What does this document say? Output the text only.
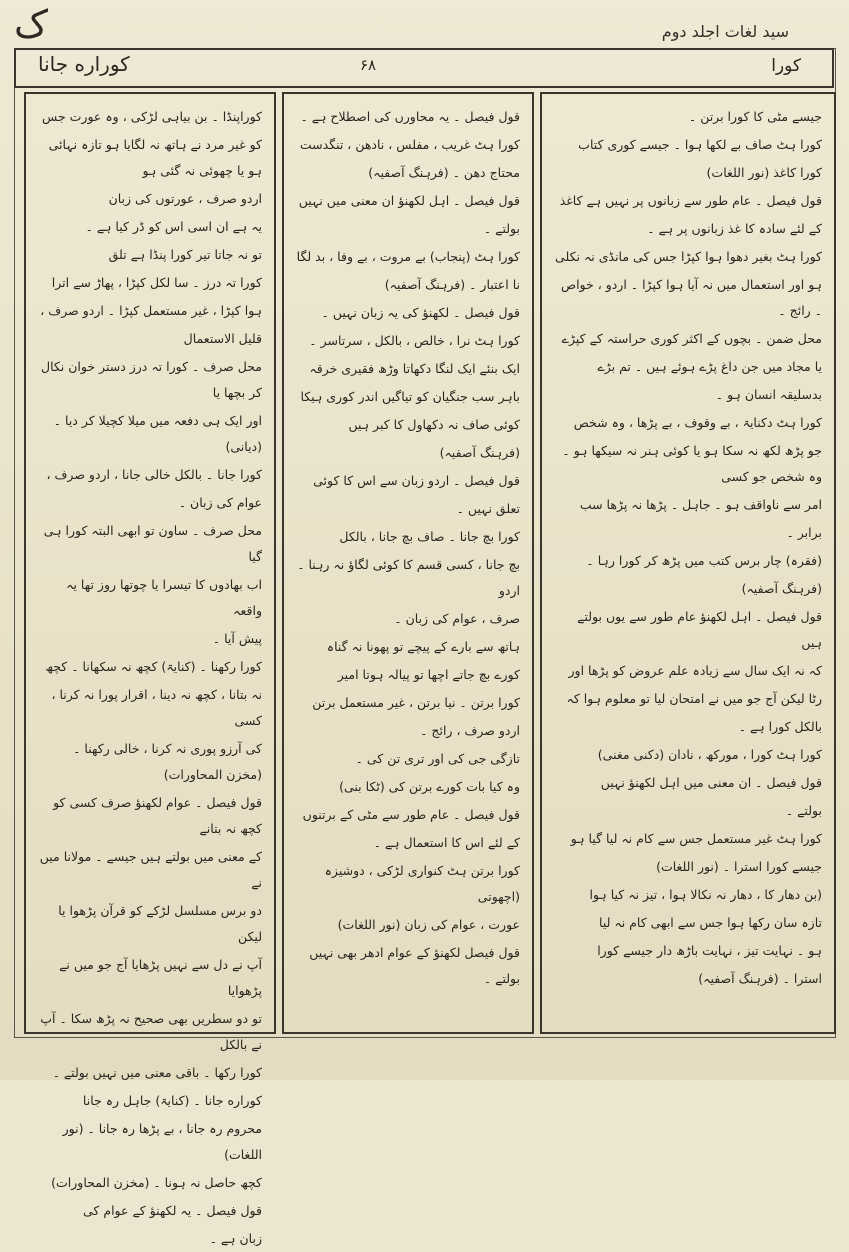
ک	سید لغات اجلد دوم
کوراره جانا	۶۸	کورا

جیسے مٹی کا کورا برتن ۔

کورا ہٹ صاف بے لکھا ہوا ۔ جیسے کوری کتاب

کورا کاغذ (نور اللغات)

قول فیصل ۔ عام طور سے زبانوں پر نہیں ہے کاغذ

کے لئے سادہ کا غذ زبانوں پر ہے ۔

کورا ہٹ بغیر دھوا ہوا کپڑا جس کی مانڈی نہ نکلی

ہو اور استعمال میں نہ آیا ہوا کپڑا ۔ اردو ، خواص ۔ رائج ۔

محل ضمن ۔ بچوں کے اکثر کوری حراستہ کے کپڑے

یا مجاد میں جن داغ پڑے ہوئے ہیں ۔ تم بڑے

بدسلیقہ انسان ہو ۔

کورا ہٹ دکنایۃ ، بے وقوف ، بے پڑھا ، وہ شخص

جو پڑھ لکھ نہ سکا ہو یا کوئی ہنر نہ سیکھا ہو ۔ وہ شخص جو کسی

امر سے ناواقف ہو ۔ جاہل ۔ پڑھا نہ پڑھا سب

برابر ۔

(فقرہ) چار برس کتب میں پڑھ کر کورا رہا ۔

(فرہنگ آصفیہ)

قول فیصل ۔ اہل لکھنؤ عام طور سے یوں بولتے ہیں

کہ نہ ایک سال سے زیادہ علم عروض کو پڑھا اور

رٹا لیکن آج جو میں نے امتحان لیا تو معلوم ہوا کہ

بالکل کورا ہے ۔

کورا ہٹ کورا ، مورکھ ، نادان (دکنی مغنی)

قول فیصل ۔ ان معنی میں اہل لکھنؤ نہیں

بولتے ۔

کورا ہٹ غیر مستعمل جس سے کام نہ لیا گیا ہو

جیسے کورا استرا ۔ (نور اللغات)

(بن دھار کا ، دھار نہ نکالا ہوا ، تیز نہ کیا ہوا

تازہ سان رکھا ہوا جس سے ابھی کام نہ لیا

ہو ۔ نہایت تیز ، نہایت باڑھ دار جیسے کورا

استرا ۔ (فرہنگ آصفیہ)

قول فیصل ۔ یہ محاورں کی اصطلاح ہے ۔

کورا ہٹ غریب ، مفلس ، نادھن ، تنگدست

محتاج دھن ۔ (فرہنگ آصفیہ)

قول فیصل ۔ اہل لکھنؤ ان معنی میں نہیں

بولتے ۔

کورا ہٹ (پنجاب) بے مروت ، بے وفا ، بد لگا

نا اعتبار ۔ (فرہنگ آصفیہ)

قول فیصل ۔ لکھنؤ کی یہ زبان نہیں ۔

کورا ہٹ نرا ، خالص ، بالکل ، سرتاسر ۔

ایک بنئے ایک لنگا دکھاتا وڑھ فقیری خرقہ

باہر سب جنگیان کو تیاگیں اندر کوری ہیکا

کوئی صاف نہ دکھاول کا کبر ہیں

(فرہنگ آصفیہ)

قول فیصل ۔ اردو زبان سے اس کا کوئی

تعلق نہیں ۔

کورا بچ جانا ۔ صاف بچ جانا ، بالکل

بچ جانا ، کسی قسم کا کوئی لگاؤ نہ رہنا ۔ اردو

صرف ، عوام کی زبان ۔

ہاتھ سے بارے کے پیچے تو پھونا نہ گناہ

کورے بچ جاتے اچھا تو پیالہ ہوتا امیر

کورا برتن ۔ نیا برتن ، غیر مستعمل برتن

اردو صرف ، رائج ۔

تازگی جی کی اور تری تن کی ۔

وہ کیا بات کورے برتن کی (ٹکا بنی)

قول فیصل ۔ عام طور سے مٹی کے برتنوں

کے لئے اس کا استعمال ہے ۔

کورا برتن ہٹ کنواری لڑکی ، دوشیزہ (اچھوتی

عورت ، عوام کی زبان (نور اللغات)

قول فیصل لکھنؤ کے عوام ادھر بھی نہیں بولتے ۔

کوراپنڈا ۔ بن بیاہی لڑکی ، وہ عورت جس

کو غیر مرد نے ہاتھ نہ لگایا ہو تازہ نہائی ہو یا چھوئی نہ گئی ہو

اردو صرف ، عورتوں کی زبان

یہ ہے ان اسی اس کو ڈر کیا ہے ۔

تو نہ جاتا تیر کورا پنڈا ہے تلق

کورا تہ درز ۔ سا لکل کپڑا ، پھاڑ سے اترا

ہوا کپڑا ، غیر مستعمل کپڑا ۔ اردو صرف ،

قلیل الاستعمال

محل صرف ۔ کورا تہ درز دستر خوان نکال کر بچھا یا

اور ایک ہی دفعہ میں میلا کچیلا کر دیا ۔ (دیانی)

کورا جانا ۔ بالکل خالی جانا ، اردو صرف ،

عوام کی زبان ۔

محل صرف ۔ ساون تو ابھی البتہ کورا ہی گیا

اب بھادوں کا تیسرا یا چوتھا روز تھا یہ واقعہ

پیش آیا ۔

کورا رکھنا ۔ (کنایۃ) کچھ نہ سکھانا ۔ کچھ

نہ بتانا ، کچھ نہ دینا ، اقرار پورا نہ کرنا ، کسی

کی آرزو پوری نہ کرنا ، خالی رکھنا ۔ (مخزن المحاورات)

قول فیصل ۔ عوام لکھنؤ صرف کسی کو کچھ نہ بتانے

کے معنی میں بولتے ہیں جیسے ۔ مولانا میں نے

دو برس مسلسل لڑکے کو قرآن پڑھوا یا لیکن

آپ نے دل سے نہیں پڑھایا آج جو میں نے پڑھوایا

تو دو سطریں بھی صحیح نہ پڑھ سکا ۔ آپ نے بالکل

کورا رکھا ۔ باقی معنی میں نہیں بولتے ۔

کوراره جانا ۔ (کنایۃ) جاہل رہ جانا

محروم رہ جانا ، بے پڑھا رہ جانا ۔ (نور اللغات)

کچھ حاصل نہ ہونا ۔ (مخزن المحاورات)

قول فیصل ۔ یہ لکھنؤ کے عوام کی

زبان ہے ۔
